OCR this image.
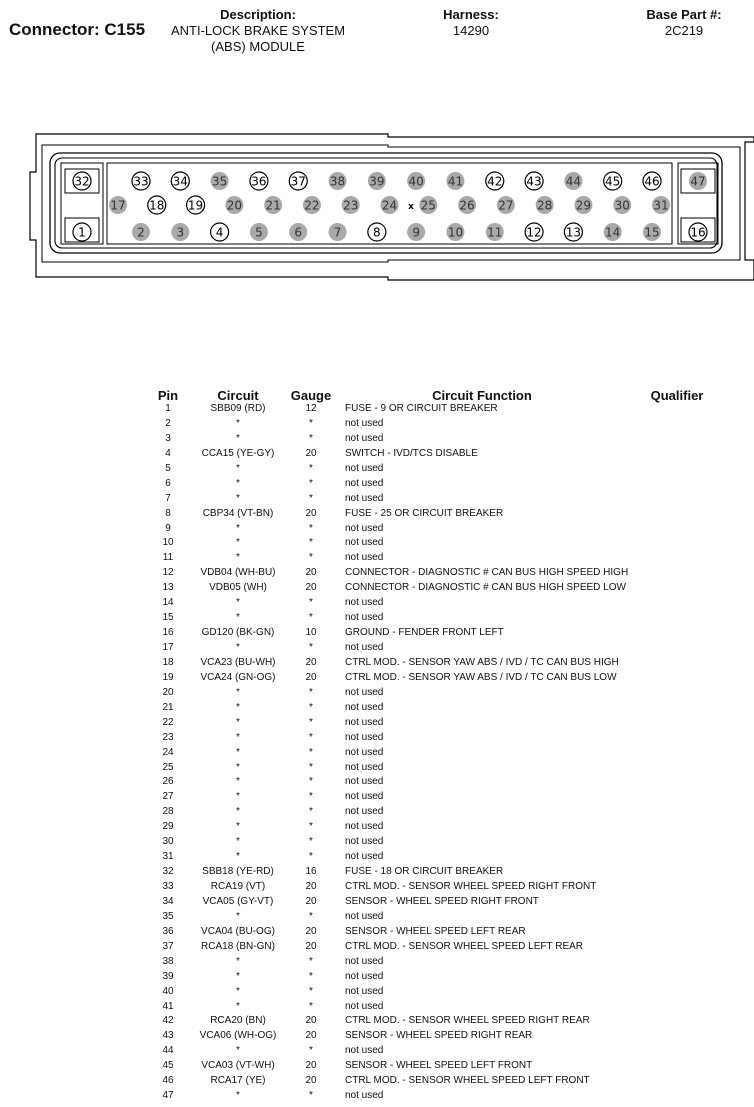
Connector: C155
Description:
ANTI-LOCK BRAKE SYSTEM
(ABS) MODULE
Harness:
14290
Base Part #:
2C219
x
33 34 35 36 37 38 39 40 41 42 43 44 45 46
17 18 19 20 21 22 23 24 25 26 27 28 29 30 31
2	3	4	5	6	7	8	9 10 11 12 13 14 15
32
1
47
16
Pin	Circuit	Gauge	Circuit Function	Qualifier
1	SBB09 (RD)	12	FUSE - 9 OR CIRCUIT BREAKER	
2	*	*	not used	
3	*	*	not used	
4	CCA15 (YE-GY)	20	SWITCH - IVD/TCS DISABLE	
5	*	*	not used	
6	*	*	not used	
7	*	*	not used	
8	CBP34 (VT-BN)	20	FUSE - 25 OR CIRCUIT BREAKER	
9	*	*	not used	
10	*	*	not used	
11	*	*	not used	
12	VDB04 (WH-BU)	20	CONNECTOR - DIAGNOSTIC # CAN BUS HIGH SPEED HIGH	
13	VDB05 (WH)	20	CONNECTOR - DIAGNOSTIC # CAN BUS HIGH SPEED LOW	
14	*	*	not used	
15	*	*	not used	
16	GD120 (BK-GN)	10	GROUND - FENDER FRONT LEFT	
17	*	*	not used	
18	VCA23 (BU-WH)	20	CTRL MOD. - SENSOR YAW ABS / IVD / TC CAN BUS HIGH	
19	VCA24 (GN-OG)	20	CTRL MOD. - SENSOR YAW ABS / IVD / TC CAN BUS LOW	
20	*	*	not used	
21	*	*	not used	
22	*	*	not used	
23	*	*	not used	
24	*	*	not used	
25	*	*	not used	
26	*	*	not used	
27	*	*	not used	
28	*	*	not used	
29	*	*	not used	
30	*	*	not used	
31	*	*	not used	
32	SBB18 (YE-RD)	16	FUSE - 18 OR CIRCUIT BREAKER	
33	RCA19 (VT)	20	CTRL MOD. - SENSOR WHEEL SPEED RIGHT FRONT	
34	VCA05 (GY-VT)	20	SENSOR - WHEEL SPEED RIGHT FRONT	
35	*	*	not used	
36	VCA04 (BU-OG)	20	SENSOR - WHEEL SPEED LEFT REAR	
37	RCA18 (BN-GN)	20	CTRL MOD. - SENSOR WHEEL SPEED LEFT REAR	
38	*	*	not used	
39	*	*	not used	
40	*	*	not used	
41	*	*	not used	
42	RCA20 (BN)	20	CTRL MOD. - SENSOR WHEEL SPEED RIGHT REAR	
43	VCA06 (WH-OG)	20	SENSOR - WHEEL SPEED RIGHT REAR	
44	*	*	not used	
45	VCA03 (VT-WH)	20	SENSOR - WHEEL SPEED LEFT FRONT	
46	RCA17 (YE)	20	CTRL MOD. - SENSOR WHEEL SPEED LEFT FRONT	
47	*	*	not used	
